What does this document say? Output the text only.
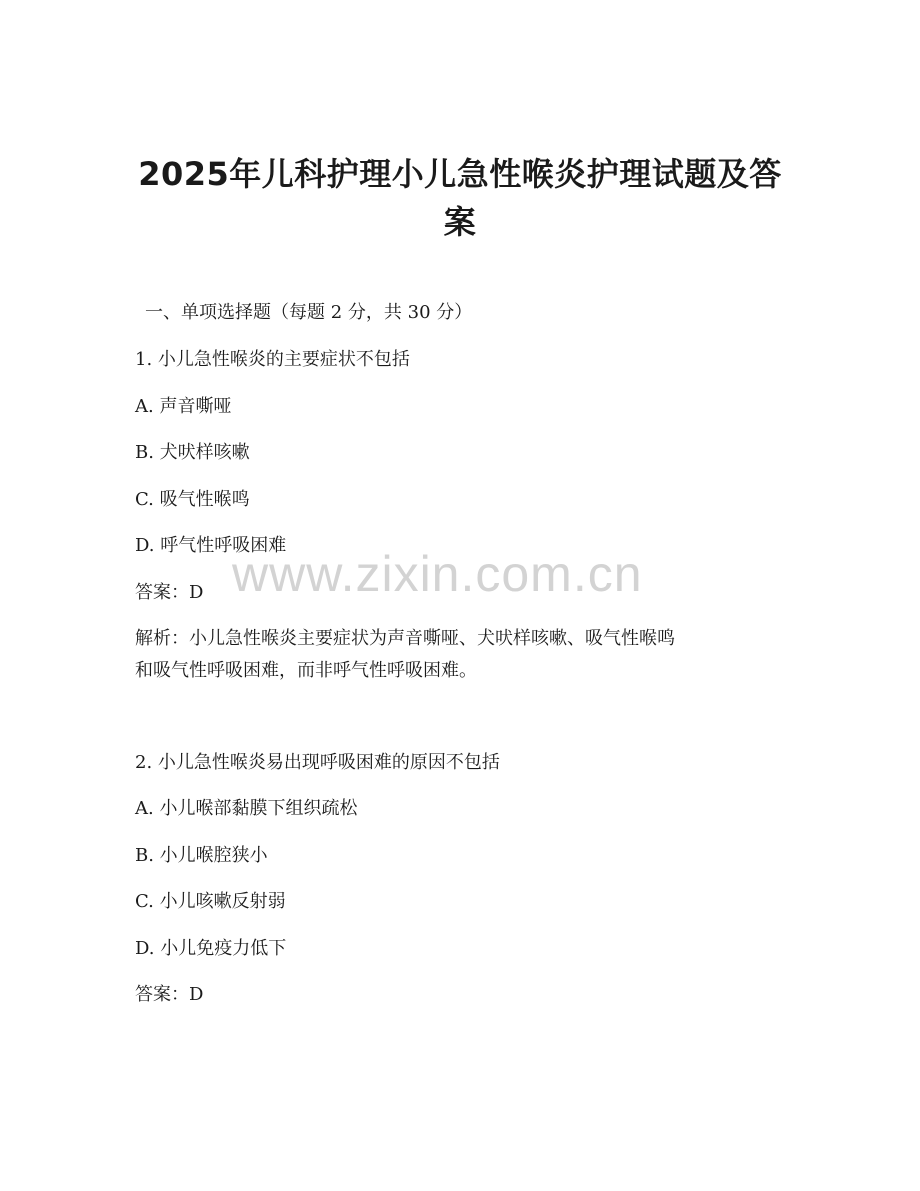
2025年儿科护理小儿急性喉炎护理试题及答
案
www.zixin.com.cn
一、单项选择题（每题 2 分，共 30 分）
1. 小儿急性喉炎的主要症状不包括
A. 声音嘶哑
B. 犬吠样咳嗽
C. 吸气性喉鸣
D. 呼气性呼吸困难
答案：D
解析：小儿急性喉炎主要症状为声音嘶哑、犬吠样咳嗽、吸气性喉鸣
和吸气性呼吸困难，而非呼气性呼吸困难。
2. 小儿急性喉炎易出现呼吸困难的原因不包括
A. 小儿喉部黏膜下组织疏松
B. 小儿喉腔狭小
C. 小儿咳嗽反射弱
D. 小儿免疫力低下
答案：D
